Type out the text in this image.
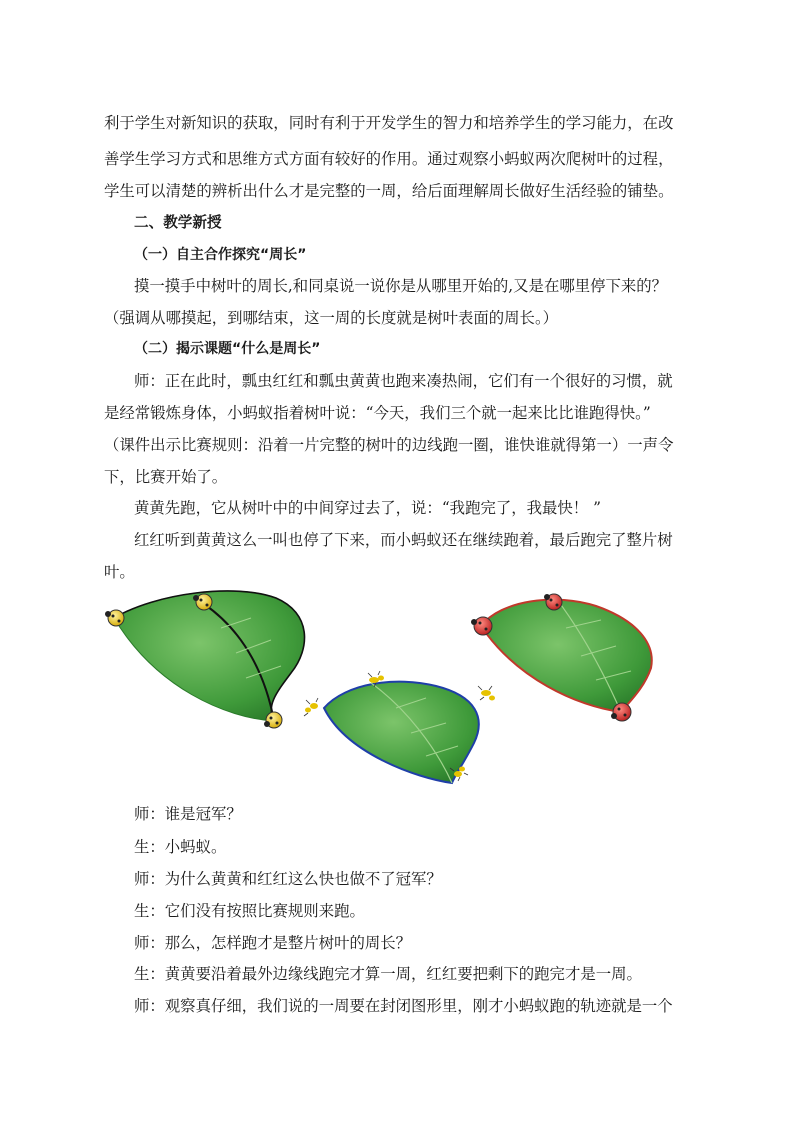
利于学生对新知识的获取，同时有利于开发学生的智力和培养学生的学习能力，在改
善学生学习方式和思维方式方面有较好的作用。通过观察小蚂蚁两次爬树叶的过程，
学生可以清楚的辨析出什么才是完整的一周，给后面理解周长做好生活经验的铺垫。
二、教学新授
（一）自主合作探究“周长”
摸一摸手中树叶的周长,和同桌说一说你是从哪里开始的,又是在哪里停下来的？
（强调从哪摸起，到哪结束，这一周的长度就是树叶表面的周长。）
（二）揭示课题“什么是周长”
师：正在此时，瓢虫红红和瓢虫黄黄也跑来凑热闹，它们有一个很好的习惯，就
是经常锻炼身体，小蚂蚁指着树叶说：“今天，我们三个就一起来比比谁跑得快。”
（课件出示比赛规则：沿着一片完整的树叶的边线跑一圈，谁快谁就得第一）一声令
下，比赛开始了。
黄黄先跑，它从树叶中的中间穿过去了，说：“我跑完了，我最快！ ”
红红听到黄黄这么一叫也停了下来，而小蚂蚁还在继续跑着，最后跑完了整片树
叶。
师：谁是冠军？
生：小蚂蚁。
师：为什么黄黄和红红这么快也做不了冠军？
生：它们没有按照比赛规则来跑。
师：那么，怎样跑才是整片树叶的周长？
生：黄黄要沿着最外边缘线跑完才算一周，红红要把剩下的跑完才是一周。
师：观察真仔细，我们说的一周要在封闭图形里，刚才小蚂蚁跑的轨迹就是一个
